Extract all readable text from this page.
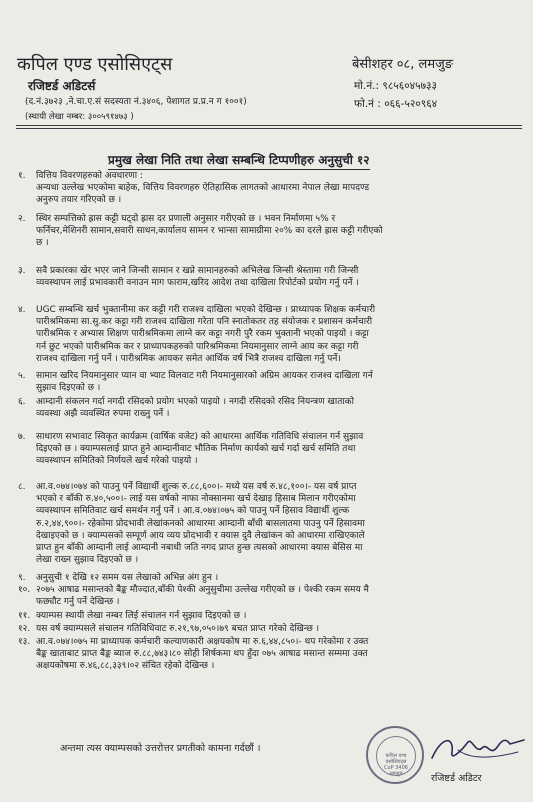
कपिल एण्ड एसोसिएट्स
रजिष्टर्ड अडिटर्स
(द.नं.३७२३ ,ने.चा.ए.सं सदस्यता नं.३४०६, पेशागत प्र.प्र.न ग १००१)
(स्थायी लेखा नम्बर: ३००५९१४७३ )
बेसीशहर ०८, लमजुङ
मो.नं.: ९८५६०४५७३३
फो.नं : ०६६-५२०९६४
प्रमुख लेखा निति तथा लेखा सम्बन्धि टिप्पणीहरु अनुसुची १२
१. वित्तिय विवरणहरुको अवधारणा :
अन्यथा उल्लेख भएकोमा बाहेक, वित्तिय विवरणहरु ऐतिहासिक लागतको आधारमा नेपाल लेखा मापदण्ड
अनुरुप तयार गरिएको छ ।
२. स्थिर सम्पत्तिको ह्रास कट्टी घट्दो ह्रास दर प्रणाली अनुसार गरीएको छ । भवन निर्माणमा ५% र
फर्निचर,मेशिनरी सामान,सवारी साधन,कार्यालय सामन र भान्सा सामाग्रीमा २०% का दरले ह्रास कट्टी गरीएको
छ ।
३. सवै प्रकारका खेर भएर जाने जिन्सी सामान र खप्ने सामानहरुको अभिलेख जिन्सी श्रेस्तामा गरी जिन्सी
व्यवस्थापन लाई प्रभावकारी वनाउन माग फाराम,खरिद आदेश तथा दाखिला रिपोर्टको प्रयोग गर्नु पर्ने ।
४. UGC सम्बन्धि खर्च भुक्तानीमा कर कट्टी गरी राजश्व दाखिला भएको देखिन्छ । प्राध्यापक शिक्षक कर्मचारी
पारीश्रमिकमा सा.सु.कर कट्टा गरी राजश्व दाखिला गरेता पनि स्नातोकतर तह संयोजक र प्रशासन कर्मचारी
पारीश्रमिक र अभ्यास शिक्षण पारीश्रमिकमा लाग्ने कर कट्टा नगरी पुरै रकम भुक्तानी भएको पाइयो । कट्टा
गर्न छुट भएको पारीश्रमिक कर र प्राध्यापकहरुको पारिश्रमिकमा नियमानुसार लाग्ने आय कर कट्टा गरी
राजश्व दाखिला गर्नु पर्ने । पारीश्रमिक आयकर समेत आर्थिक वर्ष भित्रै राजश्व दाखिला गर्नु पर्ने।
५. सामान खरिद नियमानुसार प्यान वा भ्याट विलवाट गरी नियमानुसारको अग्रिम आयकर राजश्व दाखिला गर्न
सुझाव दिइएको छ ।
६. आम्दानी संकलन गर्दा नगदी रसिदको प्रयोग भएको पाइयो । नगदी रसिदको रसिद नियन्त्रण खाताको
व्यवस्था अझै व्यवस्थित रुपमा राख्नु पर्ने ।
७. साधारण सभावाट स्विकृत कार्यक्रम (वार्षिक वजेट) को आधारमा आर्थिक गतिविधि संचालन गर्न सुझाव
दिइएको छ । क्याम्पसलाई प्राप्त हुने आम्दानीवाट भौतिक निर्माण कार्यको खर्च गर्दा खर्च समिति तथा
व्यवस्थापन समितिको निर्णयले खर्च गरेको पाइयो ।
८. आ.व.०७४।०७४ को पाउनु पर्ने विद्यार्थी शुल्क रु.८८,६००।- मध्ये यस वर्ष रु.४८,१००।- यस वर्ष प्राप्त
भएको र बाँकी रु.४०,५००।- लाई यस वर्षको नाफा नोक्सानमा खर्च देखाइ हिसाब मिलान गरीएकोमा
व्यवस्थापन समितिवाट खर्च समर्थन गर्नु पर्ने । आ.व.०७४।०७५ को पाउनु पर्ने हिसाव विद्यार्थी शुल्क
रु.२,४४,९००।- रहेकोमा प्रोदभावी लेखांकनको आधारमा आम्दानी बाँधी बासलातमा पाउनु पर्ने हिसावमा
देखाइएको छ । क्याम्पसको सम्पूर्ण आय व्यय प्रोदभावी र क्यास दुवै लेखांकन को आधारमा राखिएकाले
प्राप्त हुन बाँकी आम्दानी लाई आम्दानी नबाधी जति नगद प्राप्त हुन्छ त्यसको आधारमा क्यास बेसिस मा
लेखा राख्न सुझाव दिइएको छ ।
९. अनुसुची १ देखि १२ समम यस लेखाको अभिन्न अंग हुन ।
१०. २०७५ आषाढ मसान्तको बैङ्क मौज्दात,बाँकी पेश्की अनुसुचीमा उल्लेख गरीएको छ । पेश्की रकम समय मै
फछ्यौट गर्नु पर्ने देखिन्छ ।
११. क्याम्पस स्थायी लेखा नम्बर लिई संचालन गर्न सुझाव दिइएको छ ।
१२. यस वर्ष क्याम्पसले संचालन गतिविधिवाट रु.२१,९७,०५०।७९ बचत प्राप्त गरेको देखिन्छ ।
१३. आ.व.०७४।०७५ मा प्राध्यापक कर्मचारी कल्याणकारी अक्षयकोष मा रु.६,४४,८५०।- थप गरेकोमा र उक्त
बैङ्क खाताबाट प्राप्त बैङ्क ब्याज रु.८८,७४३।८० सोही शिर्षकमा थप हुँदा ०७५ आषाढ मसान्त सम्ममा उक्त
अक्षयकोषमा रु.४६,८८,३३९।०२ संचित रहेको देखिन्छ ।
अन्तमा त्यस क्याम्पसको उत्तरोत्तर प्रगतीको कामना गर्दछौं ।
कपिल एण्ड एसोसिएट्स
CoP 3406
लमजुङ	रजिष्टर्ड अडिटर
